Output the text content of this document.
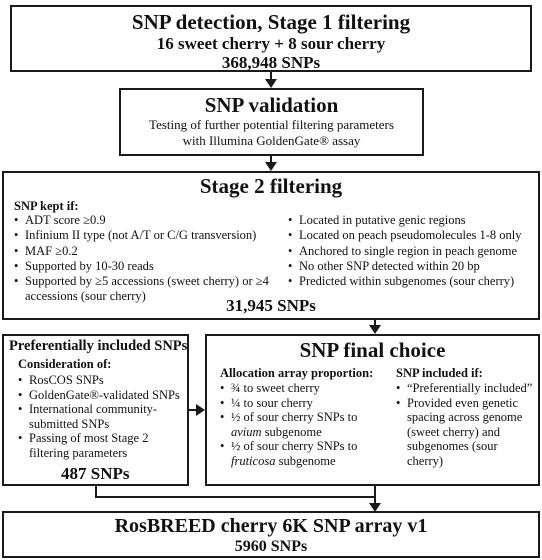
SNP detection, Stage 1 filtering
16 sweet cherry + 8 sour cherry
368,948 SNPs
SNP validation
Testing of further potential filtering parameters
with Illumina GoldenGate® assay
Stage 2 filtering
SNP kept if:
• ADT score ≥0.9
• Infinium II type (not A/T or C/G transversion)
• MAF ≥0.2
• Supported by 10-30 reads
• Supported by ≥5 accessions (sweet cherry) or ≥4 accessions (sour cherry)
• Located in putative genic regions
• Located on peach pseudomolecules 1-8 only
• Anchored to single region in peach genome
• No other SNP detected within 20 bp
• Predicted within subgenomes (sour cherry)
31,945 SNPs
Preferentially included SNPs
Consideration of:
• RosCOS SNPs
• GoldenGate®-validated SNPs
• International community-submitted SNPs
• Passing of most Stage 2 filtering parameters
487 SNPs
SNP final choice
Allocation array proportion:
• ¾ to sweet cherry
• ¼ to sour cherry
• ½ of sour cherry SNPs to avium subgenome
• ½ of sour cherry SNPs to fruticosa subgenome
SNP included if:
• “Preferentially included”
• Provided even genetic spacing across genome (sweet cherry) and subgenomes (sour cherry)
RosBREED cherry 6K SNP array v1
5960 SNPs
